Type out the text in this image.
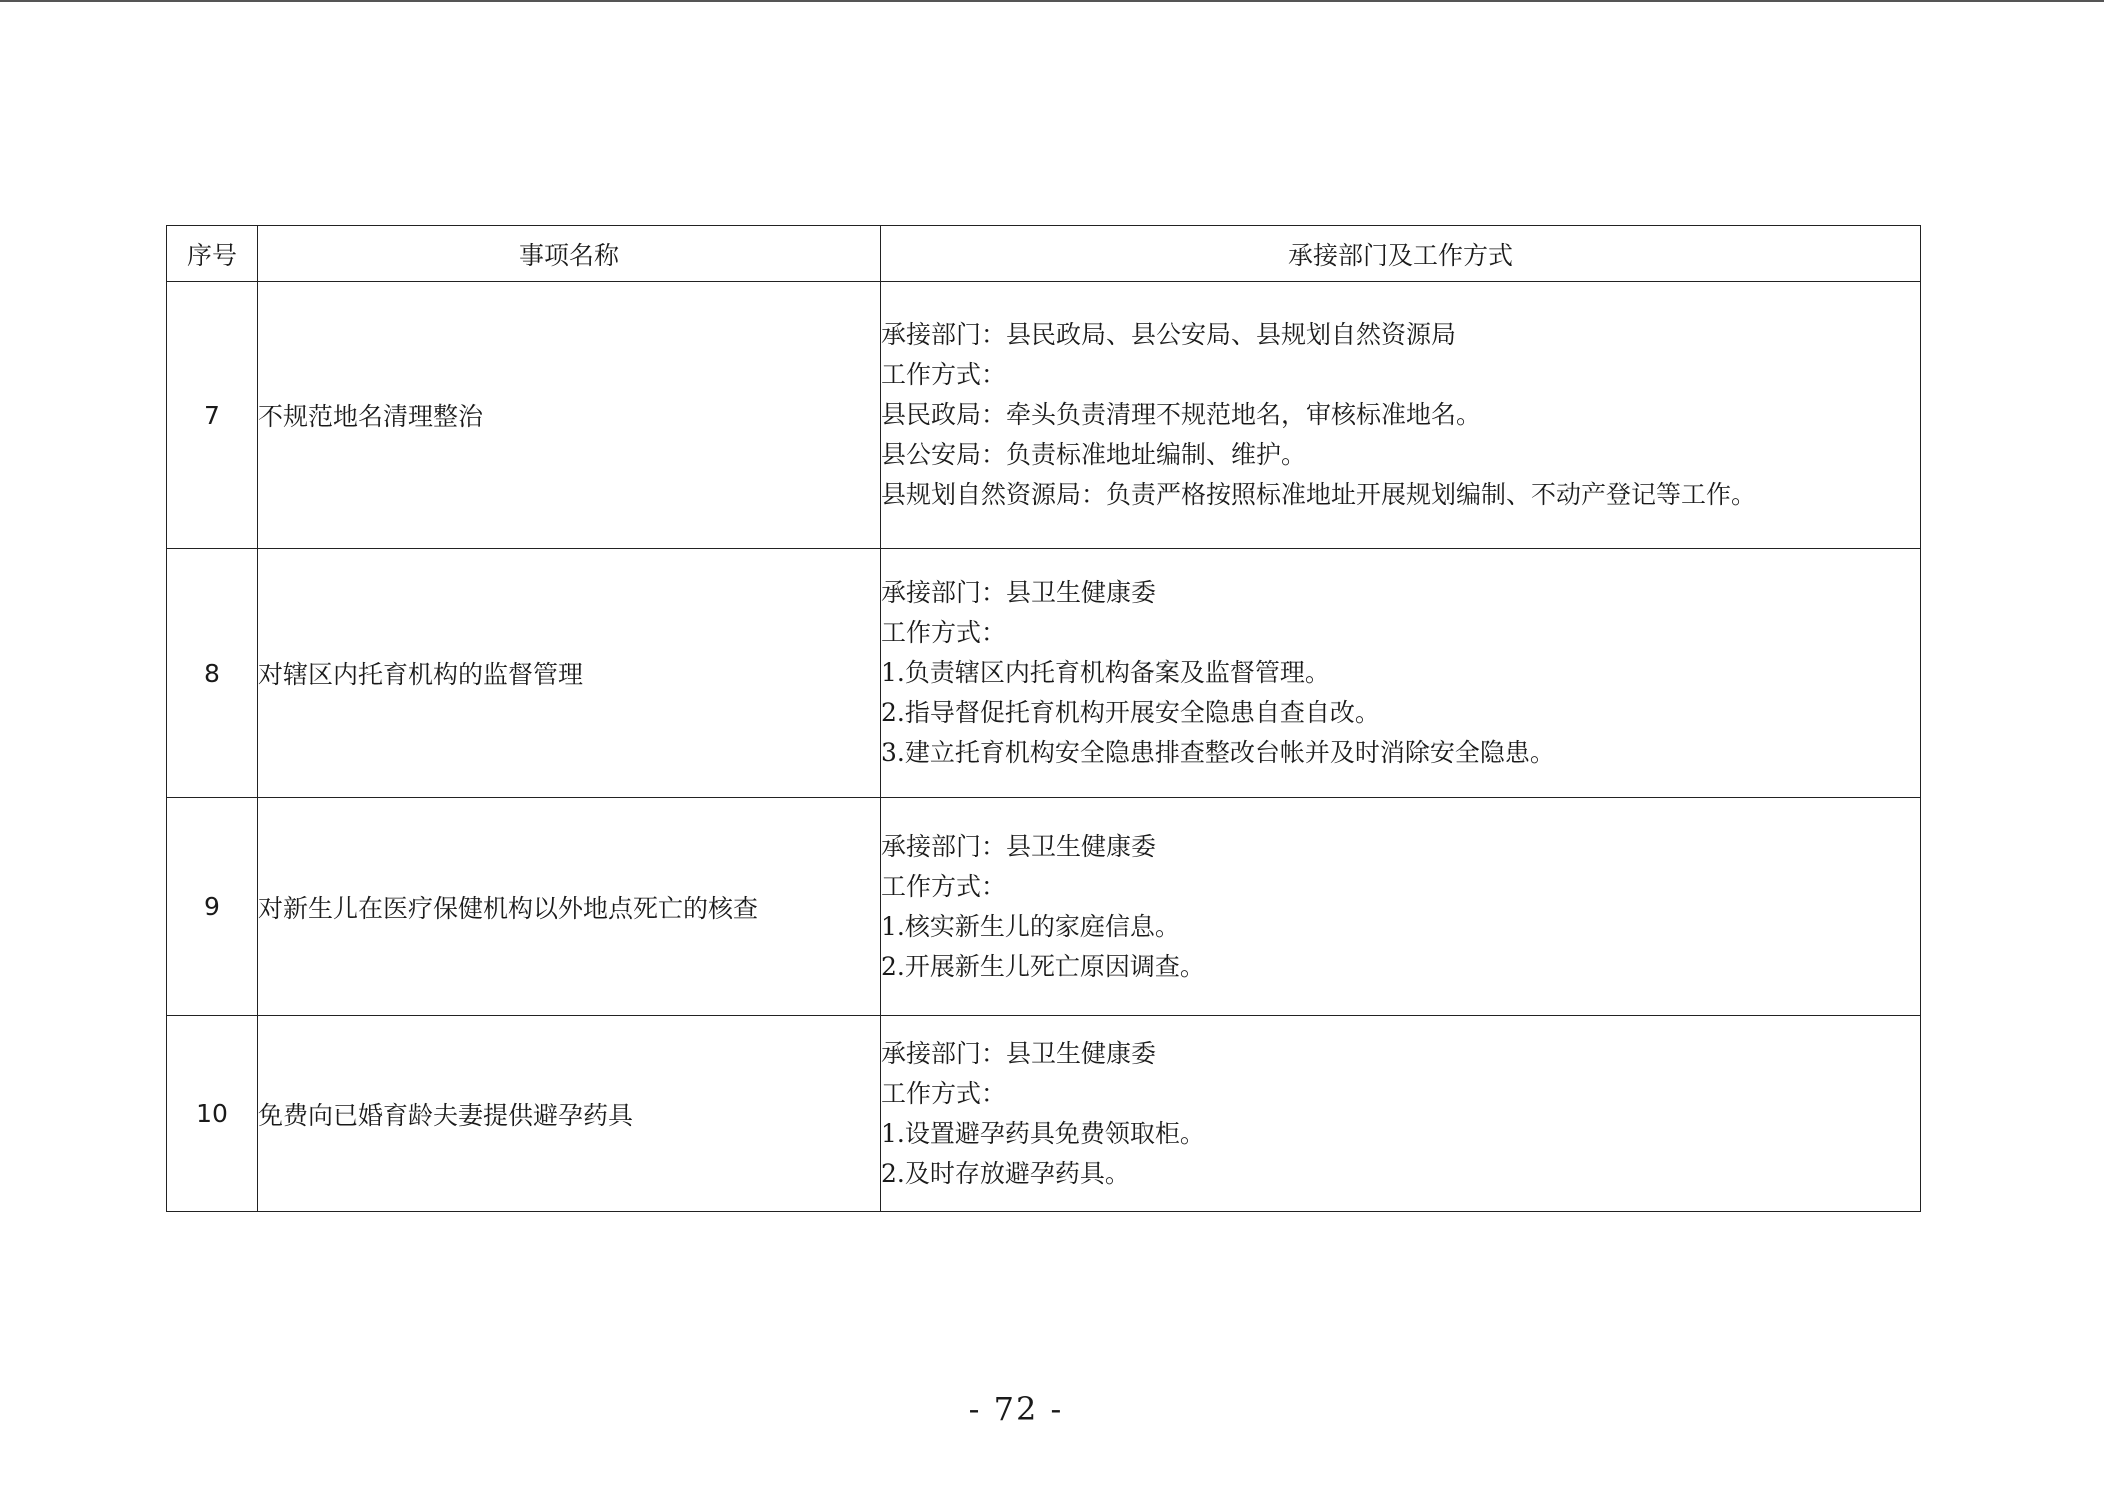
序号	事项名称	承接部门及工作方式
7	不规范地名清理整治	承接部门：县民政局、县公安局、县规划自然资源局
工作方式：
县民政局：牵头负责清理不规范地名，审核标准地名。
县公安局：负责标准地址编制、维护。
县规划自然资源局：负责严格按照标准地址开展规划编制、不动产登记等工作。

8	对辖区内托育机构的监督管理	承接部门：县卫生健康委
工作方式：
1.负责辖区内托育机构备案及监督管理。
2.指导督促托育机构开展安全隐患自查自改。
3.建立托育机构安全隐患排查整改台帐并及时消除安全隐患。

9	对新生儿在医疗保健机构以外地点死亡的核查	承接部门：县卫生健康委
工作方式：
1.核实新生儿的家庭信息。
2.开展新生儿死亡原因调查。

10	免费向已婚育龄夫妻提供避孕药具	承接部门：县卫生健康委
工作方式：
1.设置避孕药具免费领取柜。
2.及时存放避孕药具。
- 72 -
